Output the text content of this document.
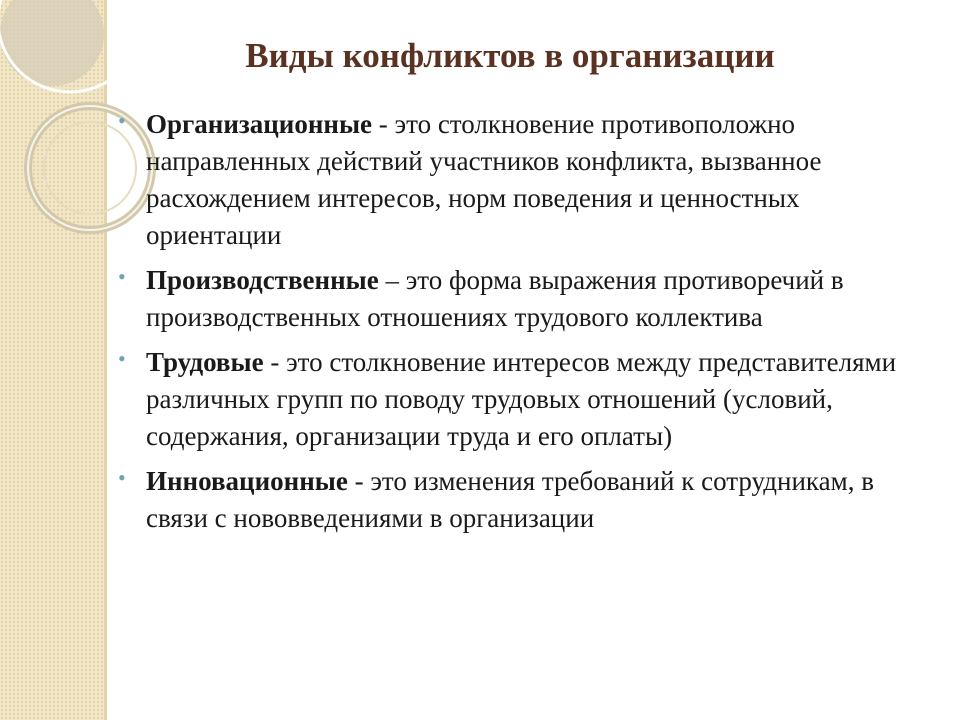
Виды конфликтов в организации
• Организационные - это столкновение противоположно направленных действий участников конфликта, вызванное расхождением интересов, норм поведения и ценностных ориентации
• Производственные – это форма выражения противоречий в производственных отношениях трудового коллектива
• Трудовые - это столкновение интересов между представителями различных групп по поводу трудовых отношений (условий, содержания, организации труда и его оплаты)
• Инновационные - это изменения требований к сотрудникам, в связи с нововведениями в организации
